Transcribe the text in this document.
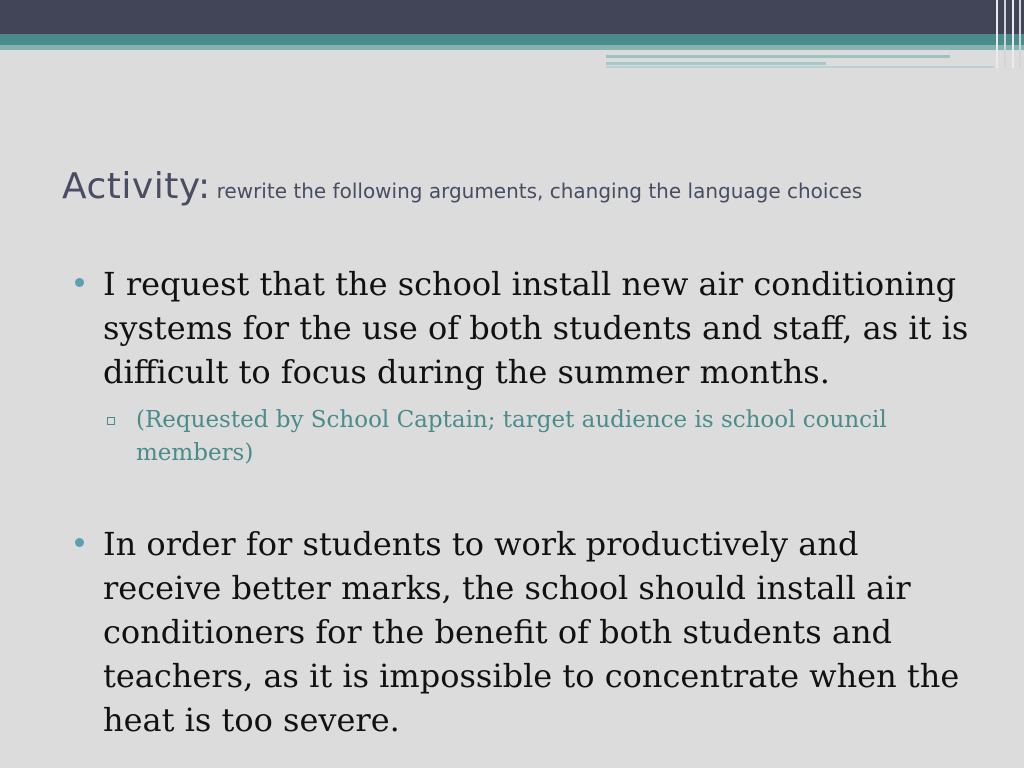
Activity: rewrite the following arguments, changing the language choices
I request that the school install new air conditioning systems for the use of both students and staff, as it is difficult to focus during the summer months.
(Requested by School Captain; target audience is school council members)
In order for students to work productively and receive better marks, the school should install air conditioners for the benefit of both students and teachers, as it is impossible to concentrate when the heat is too severe.
